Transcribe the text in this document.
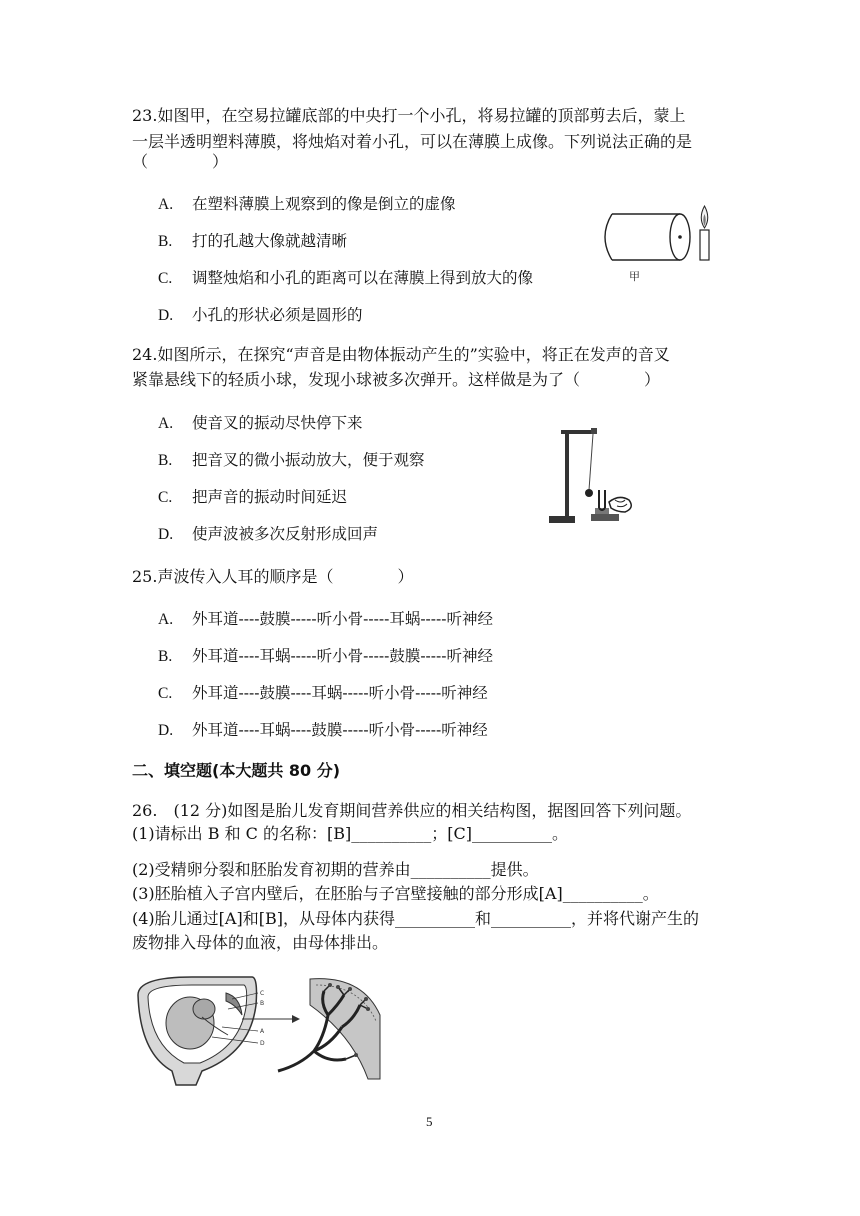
23.如图甲，在空易拉罐底部的中央打一个小孔，将易拉罐的顶部剪去后，蒙上
一层半透明塑料薄膜，将烛焰对着小孔，可以在薄膜上成像。下列说法正确的是
（　　　　）
A. 在塑料薄膜上观察到的像是倒立的虚像
B. 打的孔越大像就越清晰
C. 调整烛焰和小孔的距离可以在薄膜上得到放大的像
D. 小孔的形状必须是圆形的
甲
24.如图所示，在探究“声音是由物体振动产生的”实验中，将正在发声的音叉
紧靠悬线下的轻质小球，发现小球被多次弹开。这样做是为了（　　　　）
A. 使音叉的振动尽快停下来
B. 把音叉的微小振动放大，便于观察
C. 把声音的振动时间延迟
D. 使声波被多次反射形成回声
25.声波传入人耳的顺序是（　　　　）
A. 外耳道----鼓膜-----听小骨-----耳蜗-----听神经
B. 外耳道----耳蜗-----听小骨-----鼓膜-----听神经
C. 外耳道----鼓膜----耳蜗-----听小骨-----听神经
D. 外耳道----耳蜗----鼓膜-----听小骨-----听神经
二、填空题(本大题共 80 分)
26.　(12 分)如图是胎儿发育期间营养供应的相关结构图，据图回答下列问题。
(1)请标出 B 和 C 的名称：[B]__________；[C]__________。
(2)受精卵分裂和胚胎发育初期的营养由__________提供。
(3)胚胎植入子宫内壁后，在胚胎与子宫壁接触的部分形成[A]__________。
(4)胎儿通过[A]和[B]，从母体内获得__________和__________，并将代谢产生的
废物排入母体的血液，由母体排出。
C
B
A
D
5
